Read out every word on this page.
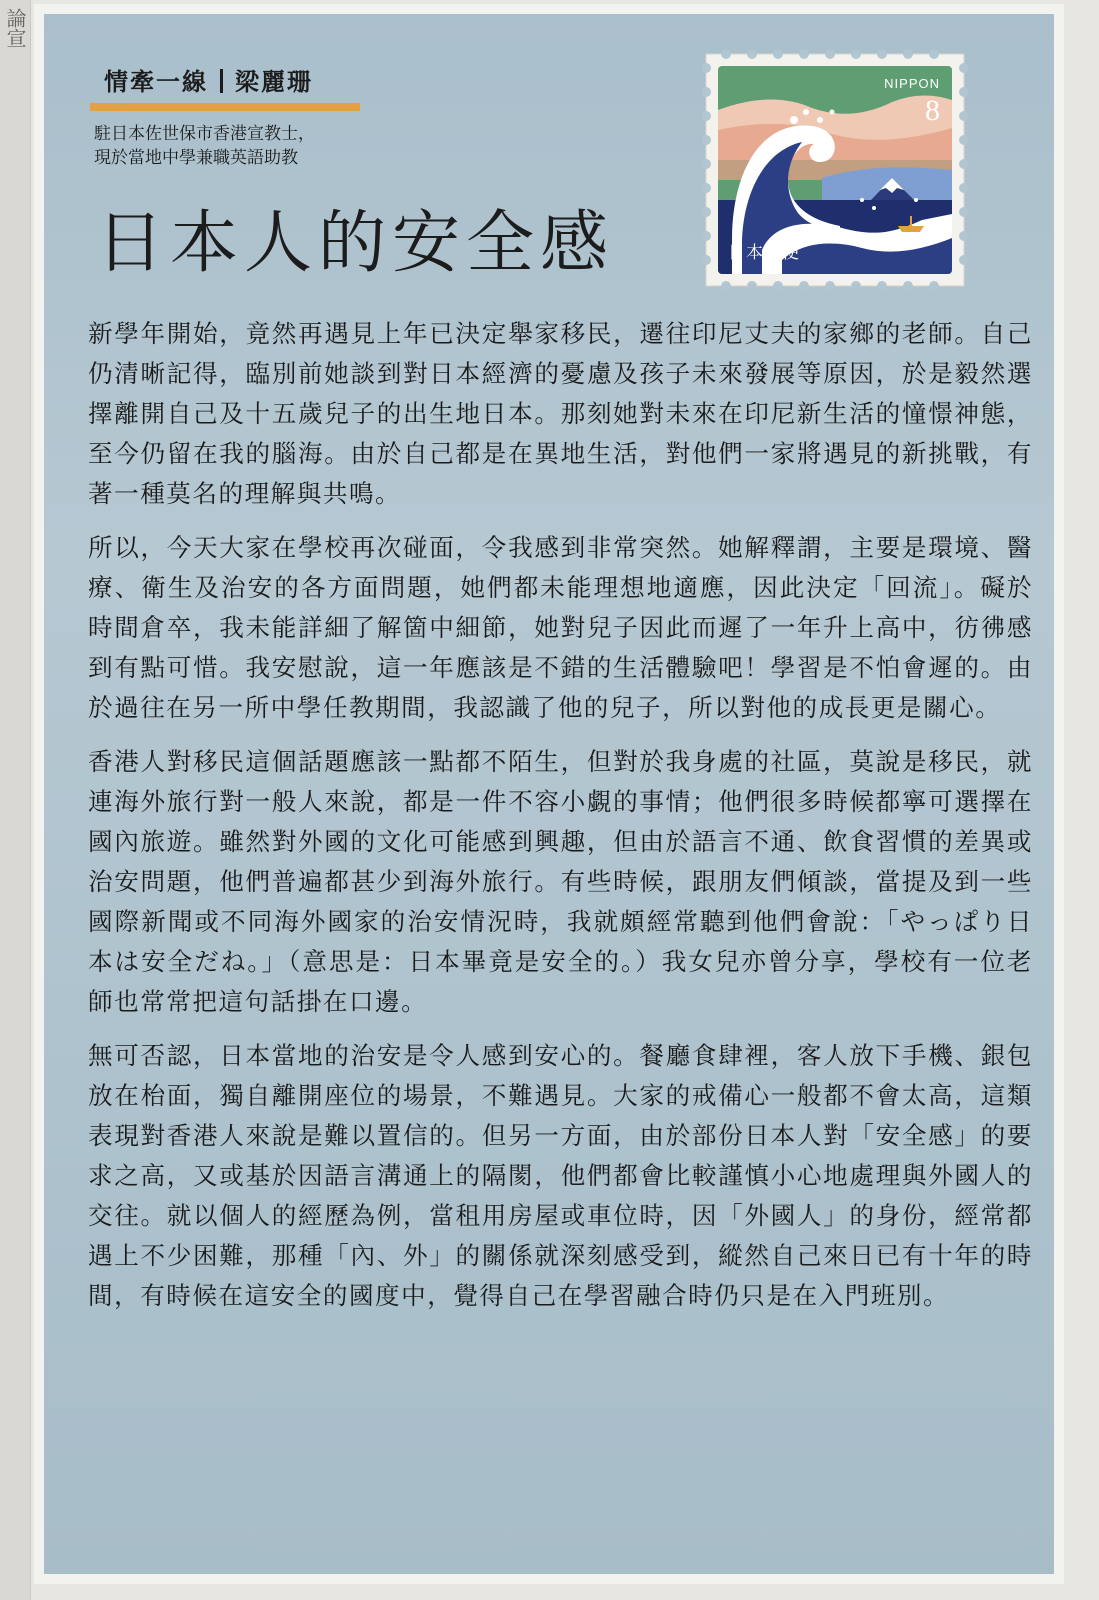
論宣
情牽一線 梁麗珊
駐日本佐世保市香港宣教士，
現於當地中學兼職英語助教
日本人的安全感
NIPPON
8
日本郵便

新學年開始，竟然再遇見上年已決定舉家移民，遷往印尼丈夫的家鄉的老師。自己仍清晰記得，臨別前她談到對日本經濟的憂慮及孩子未來發展等原因，於是毅然選擇離開自己及十五歲兒子的出生地日本。那刻她對未來在印尼新生活的憧憬神態，至今仍留在我的腦海。由於自己都是在異地生活，對他們一家將遇見的新挑戰，有著一種莫名的理解與共鳴。

所以，今天大家在學校再次碰面，令我感到非常突然。她解釋謂，主要是環境、醫療、衛生及治安的各方面問題，她們都未能理想地適應，因此決定「回流」。礙於時間倉卒，我未能詳細了解箇中細節，她對兒子因此而遲了一年升上高中，彷彿感到有點可惜。我安慰說，這一年應該是不錯的生活體驗吧！學習是不怕會遲的。由於過往在另一所中學任教期間，我認識了他的兒子，所以對他的成長更是關心。

香港人對移民這個話題應該一點都不陌生，但對於我身處的社區，莫說是移民，就連海外旅行對一般人來說，都是一件不容小覷的事情；他們很多時候都寧可選擇在國內旅遊。雖然對外國的文化可能感到興趣，但由於語言不通、飲食習慣的差異或治安問題，他們普遍都甚少到海外旅行。有些時候，跟朋友們傾談，當提及到一些國際新聞或不同海外國家的治安情況時，我就頗經常聽到他們會說：「やっぱり日本は安全だね。」（意思是：日本畢竟是安全的。）我女兒亦曾分享，學校有一位老師也常常把這句話掛在口邊。

無可否認，日本當地的治安是令人感到安心的。餐廳食肆裡，客人放下手機、銀包放在枱面，獨自離開座位的場景，不難遇見。大家的戒備心一般都不會太高，這類表現對香港人來說是難以置信的。但另一方面，由於部份日本人對「安全感」的要求之高，又或基於因語言溝通上的隔閡，他們都會比較謹慎小心地處理與外國人的交往。就以個人的經歷為例，當租用房屋或車位時，因「外國人」的身份，經常都遇上不少困難，那種「內、外」的關係就深刻感受到，縱然自己來日已有十年的時間，有時候在這安全的國度中，覺得自己在學習融合時仍只是在入門班別。
